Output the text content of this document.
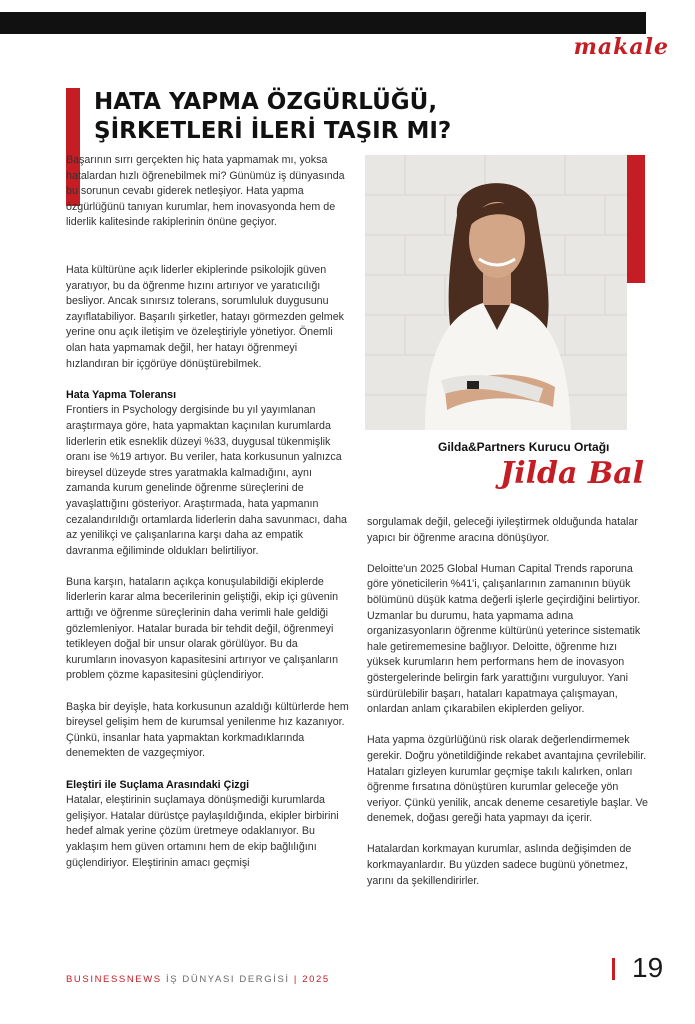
makale
HATA YAPMA ÖZGÜRLÜĞÜ,
ŞİRKETLERİ İLERİ TAŞIR MI?
Başarının sırrı gerçekten hiç hata yapmamak mı, yoksa hatalardan hızlı öğrenebilmek mi? Günümüz iş dünyasında bu sorunun cevabı giderek netleşiyor. Hata yapma özgürlüğünü tanıyan kurumlar, hem inovasyonda hem de liderlik kalitesinde rakiplerinin önüne geçiyor.

Hata kültürüne açık liderler ekiplerinde psikolojik güven yaratıyor, bu da öğrenme hızını artırıyor ve yaratıcılığı besliyor. Ancak sınırsız tolerans, sorumluluk duygusunu zayıflatabiliyor. Başarılı şirketler, hatayı görmezden gelmek yerine onu açık iletişim ve özeleştiriyle yönetiyor. Önemli olan hata yapmamak değil, her hatayı öğrenmeyi hızlandıran bir içgörüye dönüştürebilmek.

Hata Yapma Toleransı

Frontiers in Psychology dergisinde bu yıl yayımlanan araştırmaya göre, hata yapmaktan kaçınılan kurumlarda liderlerin etik esneklik düzeyi %33, duygusal tükenmişlik oranı ise %19 artıyor. Bu veriler, hata korkusunun yalnızca bireysel düzeyde stres yaratmakla kalmadığını, aynı zamanda kurum genelinde öğrenme süreçlerini de yavaşlattığını gösteriyor. Araştırmada, hata yapmanın cezalandırıldığı ortamlarda liderlerin daha savunmacı, daha az yenilikçi ve çalışanlarına karşı daha az empatik davranma eğiliminde oldukları belirtiliyor.

Buna karşın, hataların açıkça konuşulabildiği ekiplerde liderlerin karar alma becerilerinin geliştiği, ekip içi güvenin arttığı ve öğrenme süreçlerinin daha verimli hale geldiği gözlemleniyor. Hatalar burada bir tehdit değil, öğrenmeyi tetikleyen doğal bir unsur olarak görülüyor. Bu da kurumların inovasyon kapasitesini artırıyor ve çalışanların problem çözme kapasitesini güçlendiriyor.

Başka bir deyişle, hata korkusunun azaldığı kültürlerde hem bireysel gelişim hem de kurumsal yenilenme hız kazanıyor. Çünkü, insanlar hata yapmaktan korkmadıklarında denemekten de vazgeçmiyor.

Eleştiri ile Suçlama Arasındaki Çizgi

Hatalar, eleştirinin suçlamaya dönüşmediği kurumlarda gelişiyor. Hatalar dürüstçe paylaşıldığında, ekipler birbirini hedef almak yerine çözüm üretmeye odaklanıyor. Bu yaklaşım hem güven ortamını hem de ekip bağlılığını güçlendiriyor. Eleştirinin amacı geçmişi

Gilda&Partners Kurucu Ortağı
Jilda Bal

sorgulamak değil, geleceği iyileştirmek olduğunda hatalar yapıcı bir öğrenme aracına dönüşüyor.

Deloitte'un 2025 Global Human Capital Trends raporuna göre yöneticilerin %41'i, çalışanlarının zamanının büyük bölümünü düşük katma değerli işlerle geçirdiğini belirtiyor. Uzmanlar bu durumu, hata yapmama adına organizasyonların öğrenme kültürünü yeterince sistematik hale getirememesine bağlıyor. Deloitte, öğrenme hızı yüksek kurumların hem performans hem de inovasyon göstergelerinde belirgin fark yarattığını vurguluyor. Yani sürdürülebilir başarı, hataları kapatmaya çalışmayan, onlardan anlam çıkarabilen ekiplerden geliyor.

Hata yapma özgürlüğünü risk olarak değerlendirmemek gerekir. Doğru yönetildiğinde rekabet avantajına çevrilebilir. Hataları gizleyen kurumlar geçmişe takılı kalırken, onları öğrenme fırsatına dönüştüren kurumlar geleceğe yön veriyor. Çünkü yenilik, ancak deneme cesaretiyle başlar. Ve denemek, doğası gereği hata yapmayı da içerir.

Hatalardan korkmayan kurumlar, aslında değişimden de korkmayanlardır. Bu yüzden sadece bugünü yönetmez, yarını da şekillendirirler.

BUSINESSNEWS İŞ DÜNYASI DERGİSİ | 2025	19
